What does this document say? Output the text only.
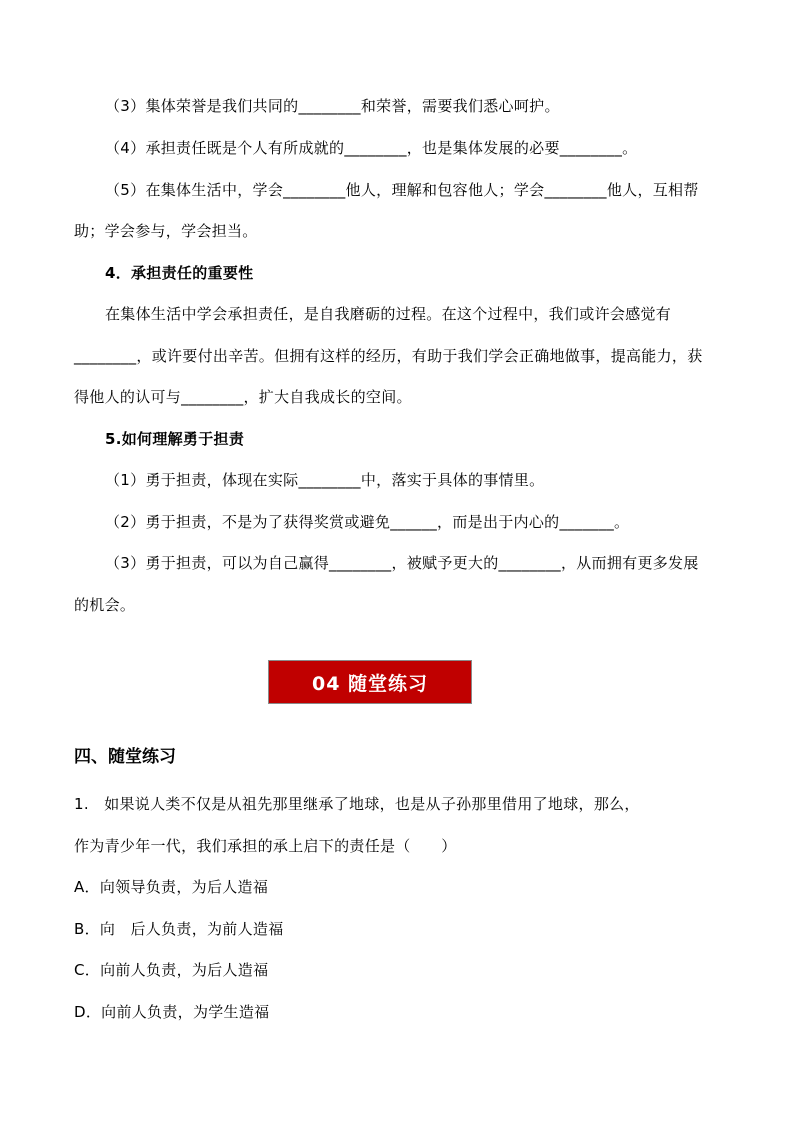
（3）集体荣誉是我们共同的________和荣誉，需要我们悉心呵护。
（4）承担责任既是个人有所成就的________，也是集体发展的必要________。
（5）在集体生活中，学会________他人，理解和包容他人；学会________他人，互相帮
助；学会参与，学会担当。
4．承担责任的重要性
在集体生活中学会承担责任，是自我磨砺的过程。在这个过程中，我们或许会感觉有
________，或许要付出辛苦。但拥有这样的经历，有助于我们学会正确地做事，提高能力，获
得他人的认可与________，扩大自我成长的空间。
5.如何理解勇于担责
（1）勇于担责，体现在实际________中，落实于具体的事情里。
（2）勇于担责，不是为了获得奖赏或避免______，而是出于内心的_______。
（3）勇于担责，可以为自己赢得________，被赋予更大的________，从而拥有更多发展
的机会。
04 随堂练习
四、随堂练习
1.　如果说人类不仅是从祖先那里继承了地球，也是从子孙那里借用了地球，那么，
作为青少年一代，我们承担的承上启下的责任是（　　）
A．向领导负责，为后人造福
B．向　后人负责，为前人造福
C．向前人负责，为后人造福
D．向前人负责，为学生造福
